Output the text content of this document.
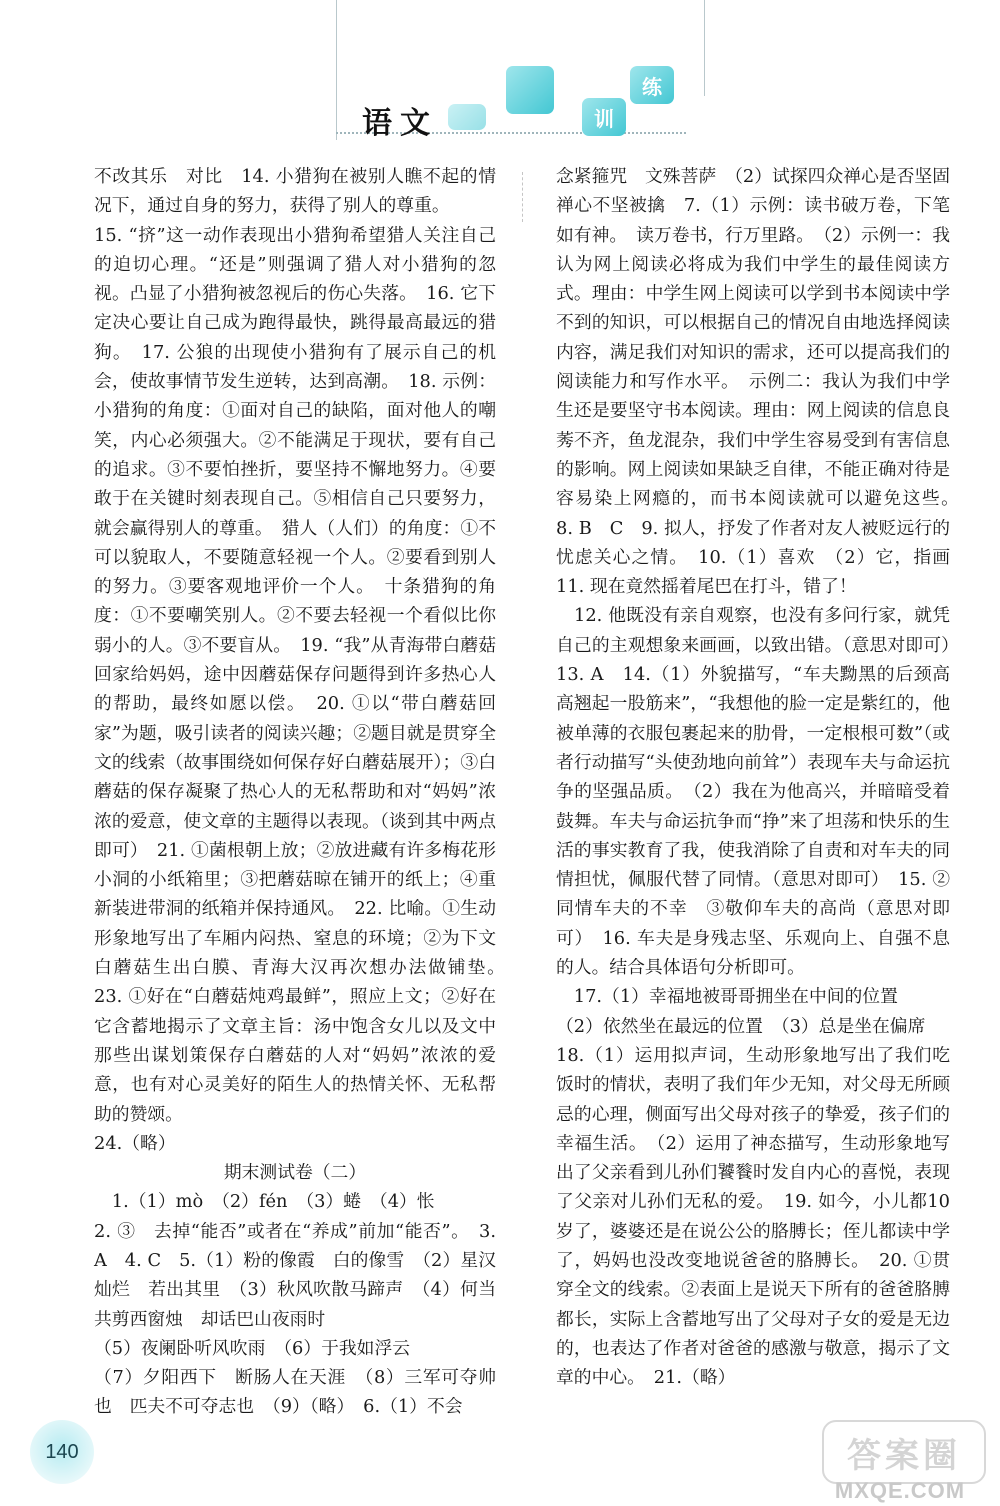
语 文	训
练

不改其乐　对比　14. 小猎狗在被别人瞧不起的情况下，通过自身的努力，获得了别人的尊重。

15. “挤”这一动作表现出小猎狗希望猎人关注自己的迫切心理。“还是”则强调了猎人对小猎狗的忽视。凸显了小猎狗被忽视后的伤心失落。　16. 它下定决心要让自己成为跑得最快，跳得最高最远的猎狗。　17. 公狼的出现使小猎狗有了展示自己的机会，使故事情节发生逆转，达到高潮。　18. 示例：小猎狗的角度：①面对自己的缺陷，面对他人的嘲笑，内心必须强大。②不能满足于现状，要有自己的追求。③不要怕挫折，要坚持不懈地努力。④要敢于在关键时刻表现自己。⑤相信自己只要努力，就会赢得别人的尊重。　猎人（人们）的角度：①不可以貌取人，不要随意轻视一个人。②要看到别人的努力。③要客观地评价一个人。　十条猎狗的角度：①不要嘲笑别人。②不要去轻视一个看似比你弱小的人。③不要盲从。　19. “我”从青海带白蘑菇回家给妈妈，途中因蘑菇保存问题得到许多热心人的帮助，最终如愿以偿。　20. ①以“带白蘑菇回家”为题，吸引读者的阅读兴趣；②题目就是贯穿全文的线索（故事围绕如何保存好白蘑菇展开）；③白蘑菇的保存凝聚了热心人的无私帮助和对“妈妈”浓浓的爱意，使文章的主题得以表现。（谈到其中两点即可）　21. ①菌根朝上放；②放进藏有许多梅花形小洞的小纸箱里；③把蘑菇晾在铺开的纸上；④重新装进带洞的纸箱并保持通风。　22. 比喻。①生动形象地写出了车厢内闷热、窒息的环境；②为下文白蘑菇生出白膜、青海大汉再次想办法做铺垫。　23. ①好在“白蘑菇炖鸡最鲜”，照应上文；②好在它含蓄地揭示了文章主旨：汤中饱含女儿以及文中那些出谋划策保存白蘑菇的人对“妈妈”浓浓的爱意，也有对心灵美好的陌生人的热情关怀、无私帮助的赞颂。

24.（略）

期末测试卷（二）

　1.（1）mò　（2）fén　（3）蜷　（4）怅

2. ③　去掉“能否”或者在“养成”前加“能否”。　3. A　4. C　5.（1）粉的像霞　白的像雪　（2）星汉灿烂　若出其里　（3）秋风吹散马蹄声　（4）何当共剪西窗烛　却话巴山夜雨时

（5）夜阑卧听风吹雨　（6）于我如浮云

（7）夕阳西下　断肠人在天涯　（8）三军可夺帅也　匹夫不可夺志也　（9）（略）　6.（1）不会

念紧箍咒　文殊菩萨　（2）试探四众禅心是否坚固　禅心不坚被擒　7.（1）示例：读书破万卷，下笔如有神。　读万卷书，行万里路。　（2）示例一：我认为网上阅读必将成为我们中学生的最佳阅读方式。理由：中学生网上阅读可以学到书本阅读中学不到的知识，可以根据自己的情况自由地选择阅读内容，满足我们对知识的需求，还可以提高我们的阅读能力和写作水平。　示例二：我认为我们中学生还是要坚守书本阅读。理由：网上阅读的信息良莠不齐，鱼龙混杂，我们中学生容易受到有害信息的影响。网上阅读如果缺乏自律，不能正确对待是容易染上网瘾的，而书本阅读就可以避免这些。　8. B　C　9. 拟人，抒发了作者对友人被贬远行的忧虑关心之情。　10.（1）喜欢　（2）它，指画　11. 现在竟然摇着尾巴在打斗，错了！

　12. 他既没有亲自观察，也没有多问行家，就凭自己的主观想象来画画，以致出错。（意思对即可）　13. A　14.（1）外貌描写，“车夫黝黑的后颈高高翘起一股筋来”，“我想他的脸一定是紫红的，他被单薄的衣服包裹起来的肋骨，一定根根可数”（或者行动描写“头使劲地向前耸”）表现车夫与命运抗争的坚强品质。　（2）我在为他高兴，并暗暗受着鼓舞。车夫与命运抗争而“挣”来了坦荡和快乐的生活的事实教育了我，使我消除了自责和对车夫的同情担忧，佩服代替了同情。（意思对即可）　15. ②同情车夫的不幸　③敬仰车夫的高尚（意思对即可）　16. 车夫是身残志坚、乐观向上、自强不息的人。结合具体语句分析即可。

　17.（1）幸福地被哥哥拥坐在中间的位置

（2）依然坐在最远的位置　（3）总是坐在偏席

18.（1）运用拟声词，生动形象地写出了我们吃饭时的情状，表明了我们年少无知，对父母无所顾忌的心理，侧面写出父母对孩子的挚爱，孩子们的幸福生活。　（2）运用了神态描写，生动形象地写出了父亲看到儿孙们饕餮时发自内心的喜悦，表现了父亲对儿孙们无私的爱。　19. 如今，小儿都10岁了，婆婆还是在说公公的胳膊长；侄儿都读中学了，妈妈也没改变地说爸爸的胳膊长。　20. ①贯穿全文的线索。②表面上是说天下所有的爸爸胳膊都长，实际上含蓄地写出了父母对子女的爱是无边的，也表达了作者对爸爸的感激与敬意，揭示了文章的中心。　21.（略）

140	答案圈
MXQE.COM
